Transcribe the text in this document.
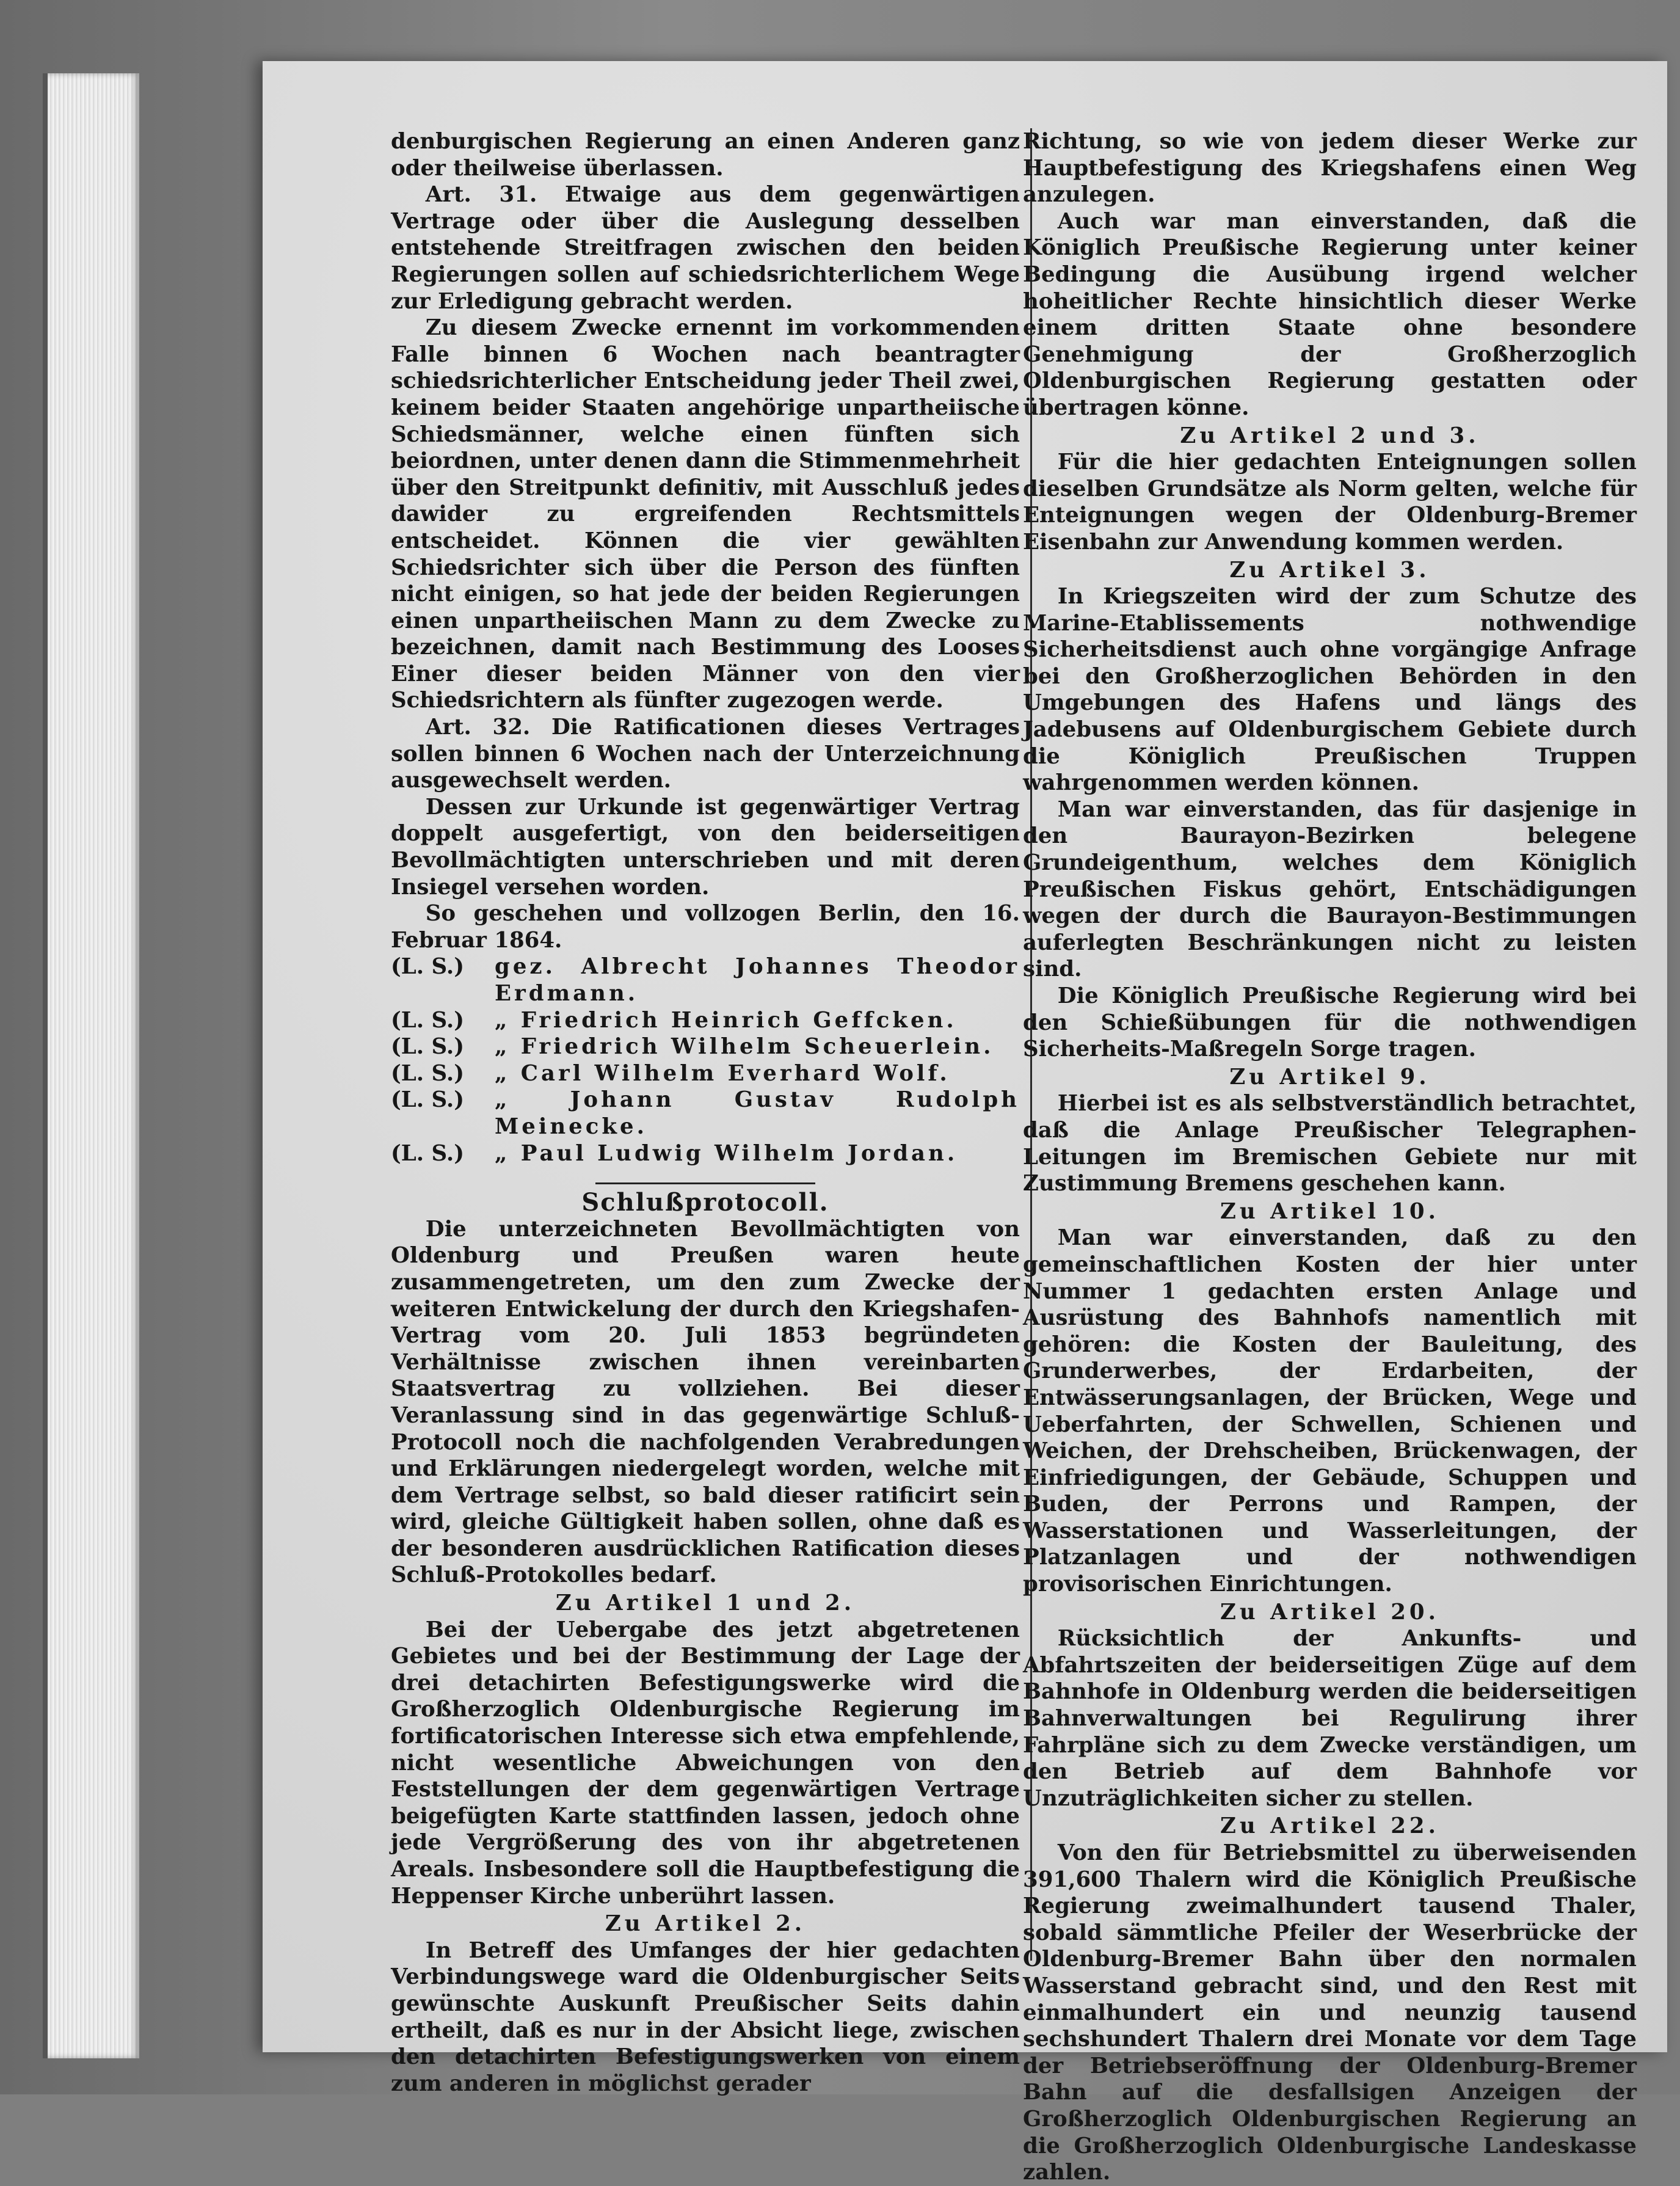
denburgischen Regierung an einen Anderen ganz oder theilweise überlassen.

Art. 31. Etwaige aus dem gegenwärtigen Vertrage oder über die Auslegung desselben entstehende Streitfragen zwischen den beiden Regierungen sollen auf schiedsrichterlichem Wege zur Erledigung gebracht werden.

Zu diesem Zwecke ernennt im vorkommenden Falle binnen 6 Wochen nach beantragter schiedsrichterlicher Entscheidung jeder Theil zwei, keinem beider Staaten angehörige unpartheiische Schiedsmänner, welche einen fünften sich beiordnen, unter denen dann die Stimmenmehrheit über den Streitpunkt definitiv, mit Ausschluß jedes dawider zu ergreifenden Rechtsmittels entscheidet. Können die vier gewählten Schiedsrichter sich über die Person des fünften nicht einigen, so hat jede der beiden Regierungen einen unpartheiischen Mann zu dem Zwecke zu bezeichnen, damit nach Bestimmung des Looses Einer dieser beiden Männer von den vier Schiedsrichtern als fünfter zugezogen werde.

Art. 32. Die Ratificationen dieses Vertrages sollen binnen 6 Wochen nach der Unterzeichnung ausgewechselt werden.

Dessen zur Urkunde ist gegenwärtiger Vertrag doppelt ausgefertigt, von den beiderseitigen Bevollmächtigten unterschrieben und mit deren Insiegel versehen worden.

So geschehen und vollzogen Berlin, den 16. Februar 1864.

(L. S.)	gez. Albrecht Johannes Theodor Erdmann.
(L. S.)	„ Friedrich Heinrich Geffcken.
(L. S.)	„ Friedrich Wilhelm Scheuerlein.
(L. S.)	„ Carl Wilhelm Everhard Wolf.
(L. S.)	„ Johann Gustav Rudolph Meinecke.
(L. S.)	„ Paul Ludwig Wilhelm Jordan.
Schlußprotocoll.

Die unterzeichneten Bevollmächtigten von Oldenburg und Preußen waren heute zusammengetreten, um den zum Zwecke der weiteren Entwickelung der durch den Kriegshafen-Vertrag vom 20. Juli 1853 begründeten Verhältnisse zwischen ihnen vereinbarten Staatsvertrag zu vollziehen. Bei dieser Veranlassung sind in das gegenwärtige Schluß-Protocoll noch die nachfolgenden Verabredungen und Erklärungen niedergelegt worden, welche mit dem Vertrage selbst, so bald dieser ratificirt sein wird, gleiche Gültigkeit haben sollen, ohne daß es der besonderen ausdrücklichen Ratification dieses Schluß-Protokolles bedarf.

Zu Artikel 1 und 2.

Bei der Uebergabe des jetzt abgetretenen Gebietes und bei der Bestimmung der Lage der drei detachirten Befestigungswerke wird die Großherzoglich Oldenburgische Regierung im fortificatorischen Interesse sich etwa empfehlende, nicht wesentliche Abweichungen von den Feststellungen der dem gegenwärtigen Vertrage beigefügten Karte stattfinden lassen, jedoch ohne jede Vergrößerung des von ihr abgetretenen Areals. Insbesondere soll die Hauptbefestigung die Heppenser Kirche unberührt lassen.

Zu Artikel 2.

In Betreff des Umfanges der hier gedachten Verbindungswege ward die Oldenburgischer Seits gewünschte Auskunft Preußischer Seits dahin ertheilt, daß es nur in der Absicht liege, zwischen den detachirten Befestigungswerken von einem zum anderen in möglichst gerader

Richtung, so wie von jedem dieser Werke zur Hauptbefestigung des Kriegshafens einen Weg anzulegen.

Auch war man einverstanden, daß die Königlich Preußische Regierung unter keiner Bedingung die Ausübung irgend welcher hoheitlicher Rechte hinsichtlich dieser Werke einem dritten Staate ohne besondere Genehmigung der Großherzoglich Oldenburgischen Regierung gestatten oder übertragen könne.

Zu Artikel 2 und 3.

Für die hier gedachten Enteignungen sollen dieselben Grundsätze als Norm gelten, welche für Enteignungen wegen der Oldenburg-Bremer Eisenbahn zur Anwendung kommen werden.

Zu Artikel 3.

In Kriegszeiten wird der zum Schutze des Marine-Etablissements nothwendige Sicherheitsdienst auch ohne vorgängige Anfrage bei den Großherzoglichen Behörden in den Umgebungen des Hafens und längs des Jadebusens auf Oldenburgischem Gebiete durch die Königlich Preußischen Truppen wahrgenommen werden können.

Man war einverstanden, das für dasjenige in den Baurayon-Bezirken belegene Grundeigenthum, welches dem Königlich Preußischen Fiskus gehört, Entschädigungen wegen der durch die Baurayon-Bestimmungen auferlegten Beschränkungen nicht zu leisten sind.

Die Königlich Preußische Regierung wird bei den Schießübungen für die nothwendigen Sicherheits-Maßregeln Sorge tragen.

Zu Artikel 9.

Hierbei ist es als selbstverständlich betrachtet, daß die Anlage Preußischer Telegraphen-Leitungen im Bremischen Gebiete nur mit Zustimmung Bremens geschehen kann.

Zu Artikel 10.

Man war einverstanden, daß zu den gemeinschaftlichen Kosten der hier unter Nummer 1 gedachten ersten Anlage und Ausrüstung des Bahnhofs namentlich mit gehören: die Kosten der Bauleitung, des Grunderwerbes, der Erdarbeiten, der Entwässerungsanlagen, der Brücken, Wege und Ueberfahrten, der Schwellen, Schienen und Weichen, der Drehscheiben, Brückenwagen, der Einfriedigungen, der Gebäude, Schuppen und Buden, der Perrons und Rampen, der Wasserstationen und Wasserleitungen, der Platzanlagen und der nothwendigen provisorischen Einrichtungen.

Zu Artikel 20.

Rücksichtlich der Ankunfts- und Abfahrtszeiten der beiderseitigen Züge auf dem Bahnhofe in Oldenburg werden die beiderseitigen Bahnverwaltungen bei Regulirung ihrer Fahrpläne sich zu dem Zwecke verständigen, um den Betrieb auf dem Bahnhofe vor Unzuträglichkeiten sicher zu stellen.

Zu Artikel 22.

Von den für Betriebsmittel zu überweisenden 391,600 Thalern wird die Königlich Preußische Regierung zweimalhundert tausend Thaler, sobald sämmtliche Pfeiler der Weserbrücke der Oldenburg-Bremer Bahn über den normalen Wasserstand gebracht sind, und den Rest mit einmalhundert ein und neunzig tausend sechshundert Thalern drei Monate vor dem Tage der Betriebseröffnung der Oldenburg-Bremer Bahn auf die desfallsigen Anzeigen der Großherzoglich Oldenburgischen Regierung an die Großherzoglich Oldenburgische Landeskasse zahlen.
